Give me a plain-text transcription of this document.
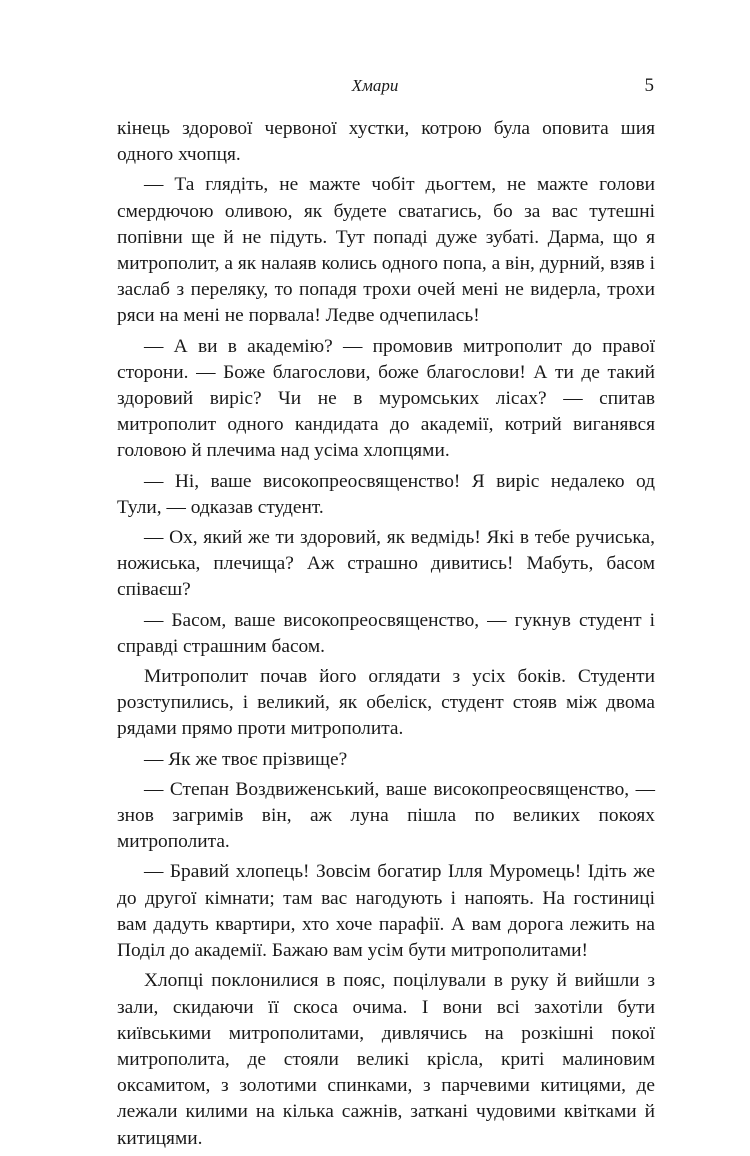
Хмари	5

кінець здорової червоної хустки, котрою була оповита шия одного хчопця.

— Та глядіть, не мажте чобіт дьогтем, не мажте голови смердючою оливою, як будете сватагись, бо за вас тутешні попівни ще й не підуть. Тут попаді дуже зубаті. Дарма, що я митрополит, а як налаяв колись одного попа, а він, дурний, взяв і заслаб з переляку, то попадя трохи очей мені не видерла, трохи ряси на мені не порвала! Ледве одчепилась!

— А ви в академію? — промовив митрополит до правої сторони. — Боже благослови, боже благослови! А ти де такий здоровий виріс? Чи не в муромських лісах? — спитав митрополит одного кандидата до академії, котрий виганявся головою й плечима над усіма хлопцями.

— Ні, ваше високопреосвященство! Я виріс недалеко од Тули, — одказав студент.

— Ох, який же ти здоровий, як ведмідь! Які в тебе ручиська, ножиська, плечища? Аж страшно дивитись! Мабуть, басом співаєш?

— Басом, ваше високопреосвященство, — гукнув студент і справді страшним басом.

Митрополит почав його оглядати з усіх боків. Студенти розступились, і великий, як обеліск, студент стояв між двома рядами прямо проти митрополита.

— Як же твоє прізвище?

— Степан Воздвиженський, ваше високопреосвященство, — знов загримів він, аж луна пішла по великих покоях митрополита.

— Бравий хлопець! Зовсім богатир Ілля Муромець! Ідіть же до другої кімнати; там вас нагодують і напоять. На гостиниці вам дадуть квартири, хто хоче парафії. А вам дорога лежить на Поділ до академії. Бажаю вам усім бути митрополитами!

Хлопці поклонилися в пояс, поцілували в руку й вийшли з зали, скидаючи її скоса очима. І вони всі захотіли бути київськими митрополитами, дивлячись на розкішні покої митрополита, де стояли великі крісла, криті малиновим оксамитом, з золотими спинками, з парчевими китицями, де лежали килими на кілька сажнів, заткані чудовими квітками й китицями.
